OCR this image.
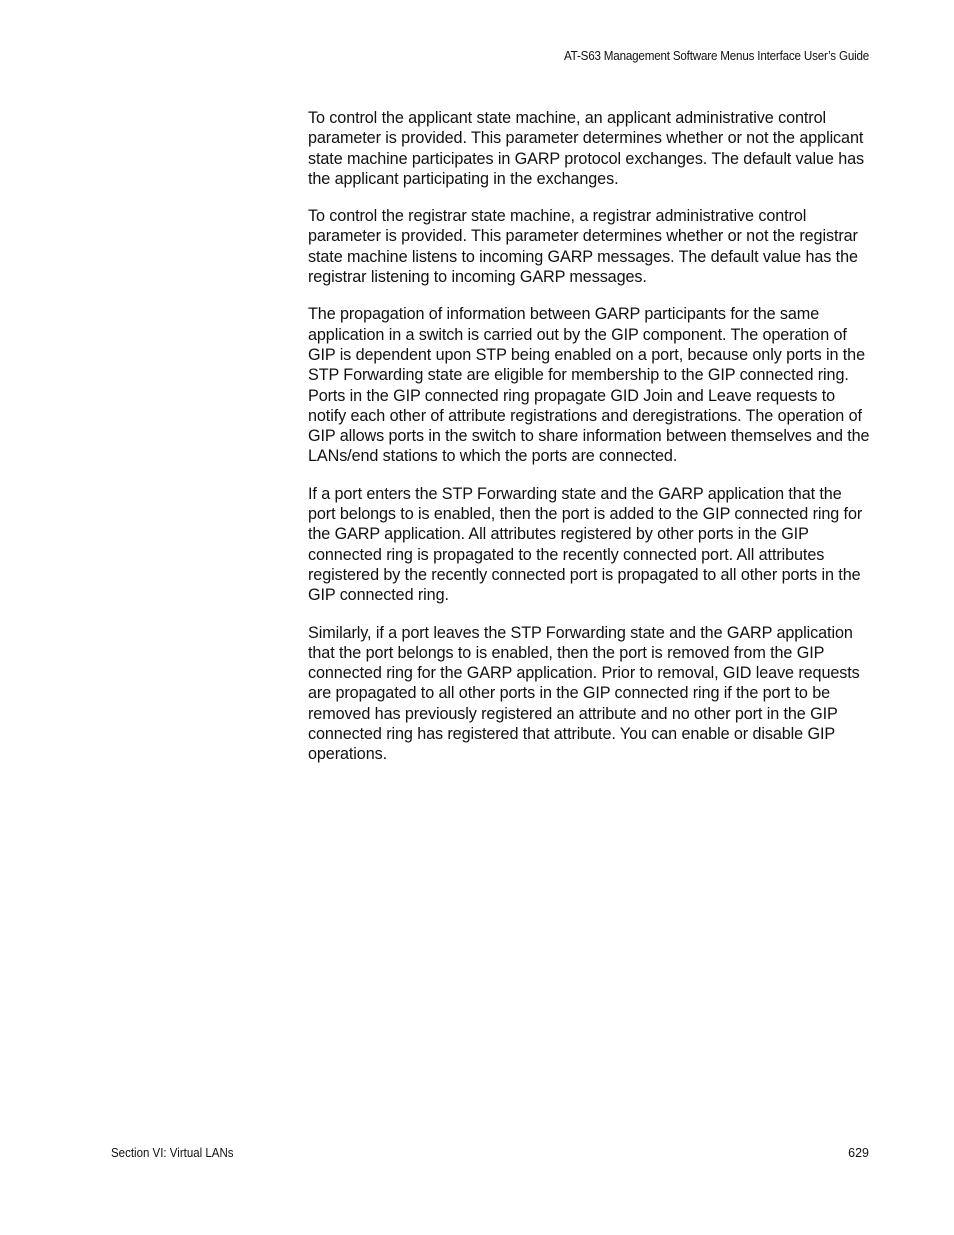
AT-S63 Management Software Menus Interface User’s Guide

To control the applicant state machine, an applicant administrative control parameter is provided. This parameter determines whether or not the applicant state machine participates in GARP protocol exchanges. The default value has the applicant participating in the exchanges.

To control the registrar state machine, a registrar administrative control parameter is provided. This parameter determines whether or not the registrar state machine listens to incoming GARP messages. The default value has the registrar listening to incoming GARP messages.

The propagation of information between GARP participants for the same application in a switch is carried out by the GIP component. The operation of GIP is dependent upon STP being enabled on a port, because only ports in the STP Forwarding state are eligible for membership to the GIP connected ring. Ports in the GIP connected ring propagate GID Join and Leave requests to notify each other of attribute registrations and deregistrations. The operation of GIP allows ports in the switch to share information between themselves and the LANs/end stations to which the ports are connected.

If a port enters the STP Forwarding state and the GARP application that the port belongs to is enabled, then the port is added to the GIP connected ring for the GARP application. All attributes registered by other ports in the GIP connected ring is propagated to the recently connected port. All attributes registered by the recently connected port is propagated to all other ports in the GIP connected ring.

Similarly, if a port leaves the STP Forwarding state and the GARP application that the port belongs to is enabled, then the port is removed from the GIP connected ring for the GARP application. Prior to removal, GID leave requests are propagated to all other ports in the GIP connected ring if the port to be removed has previously registered an attribute and no other port in the GIP connected ring has registered that attribute. You can enable or disable GIP operations.

Section VI: Virtual LANs	629
